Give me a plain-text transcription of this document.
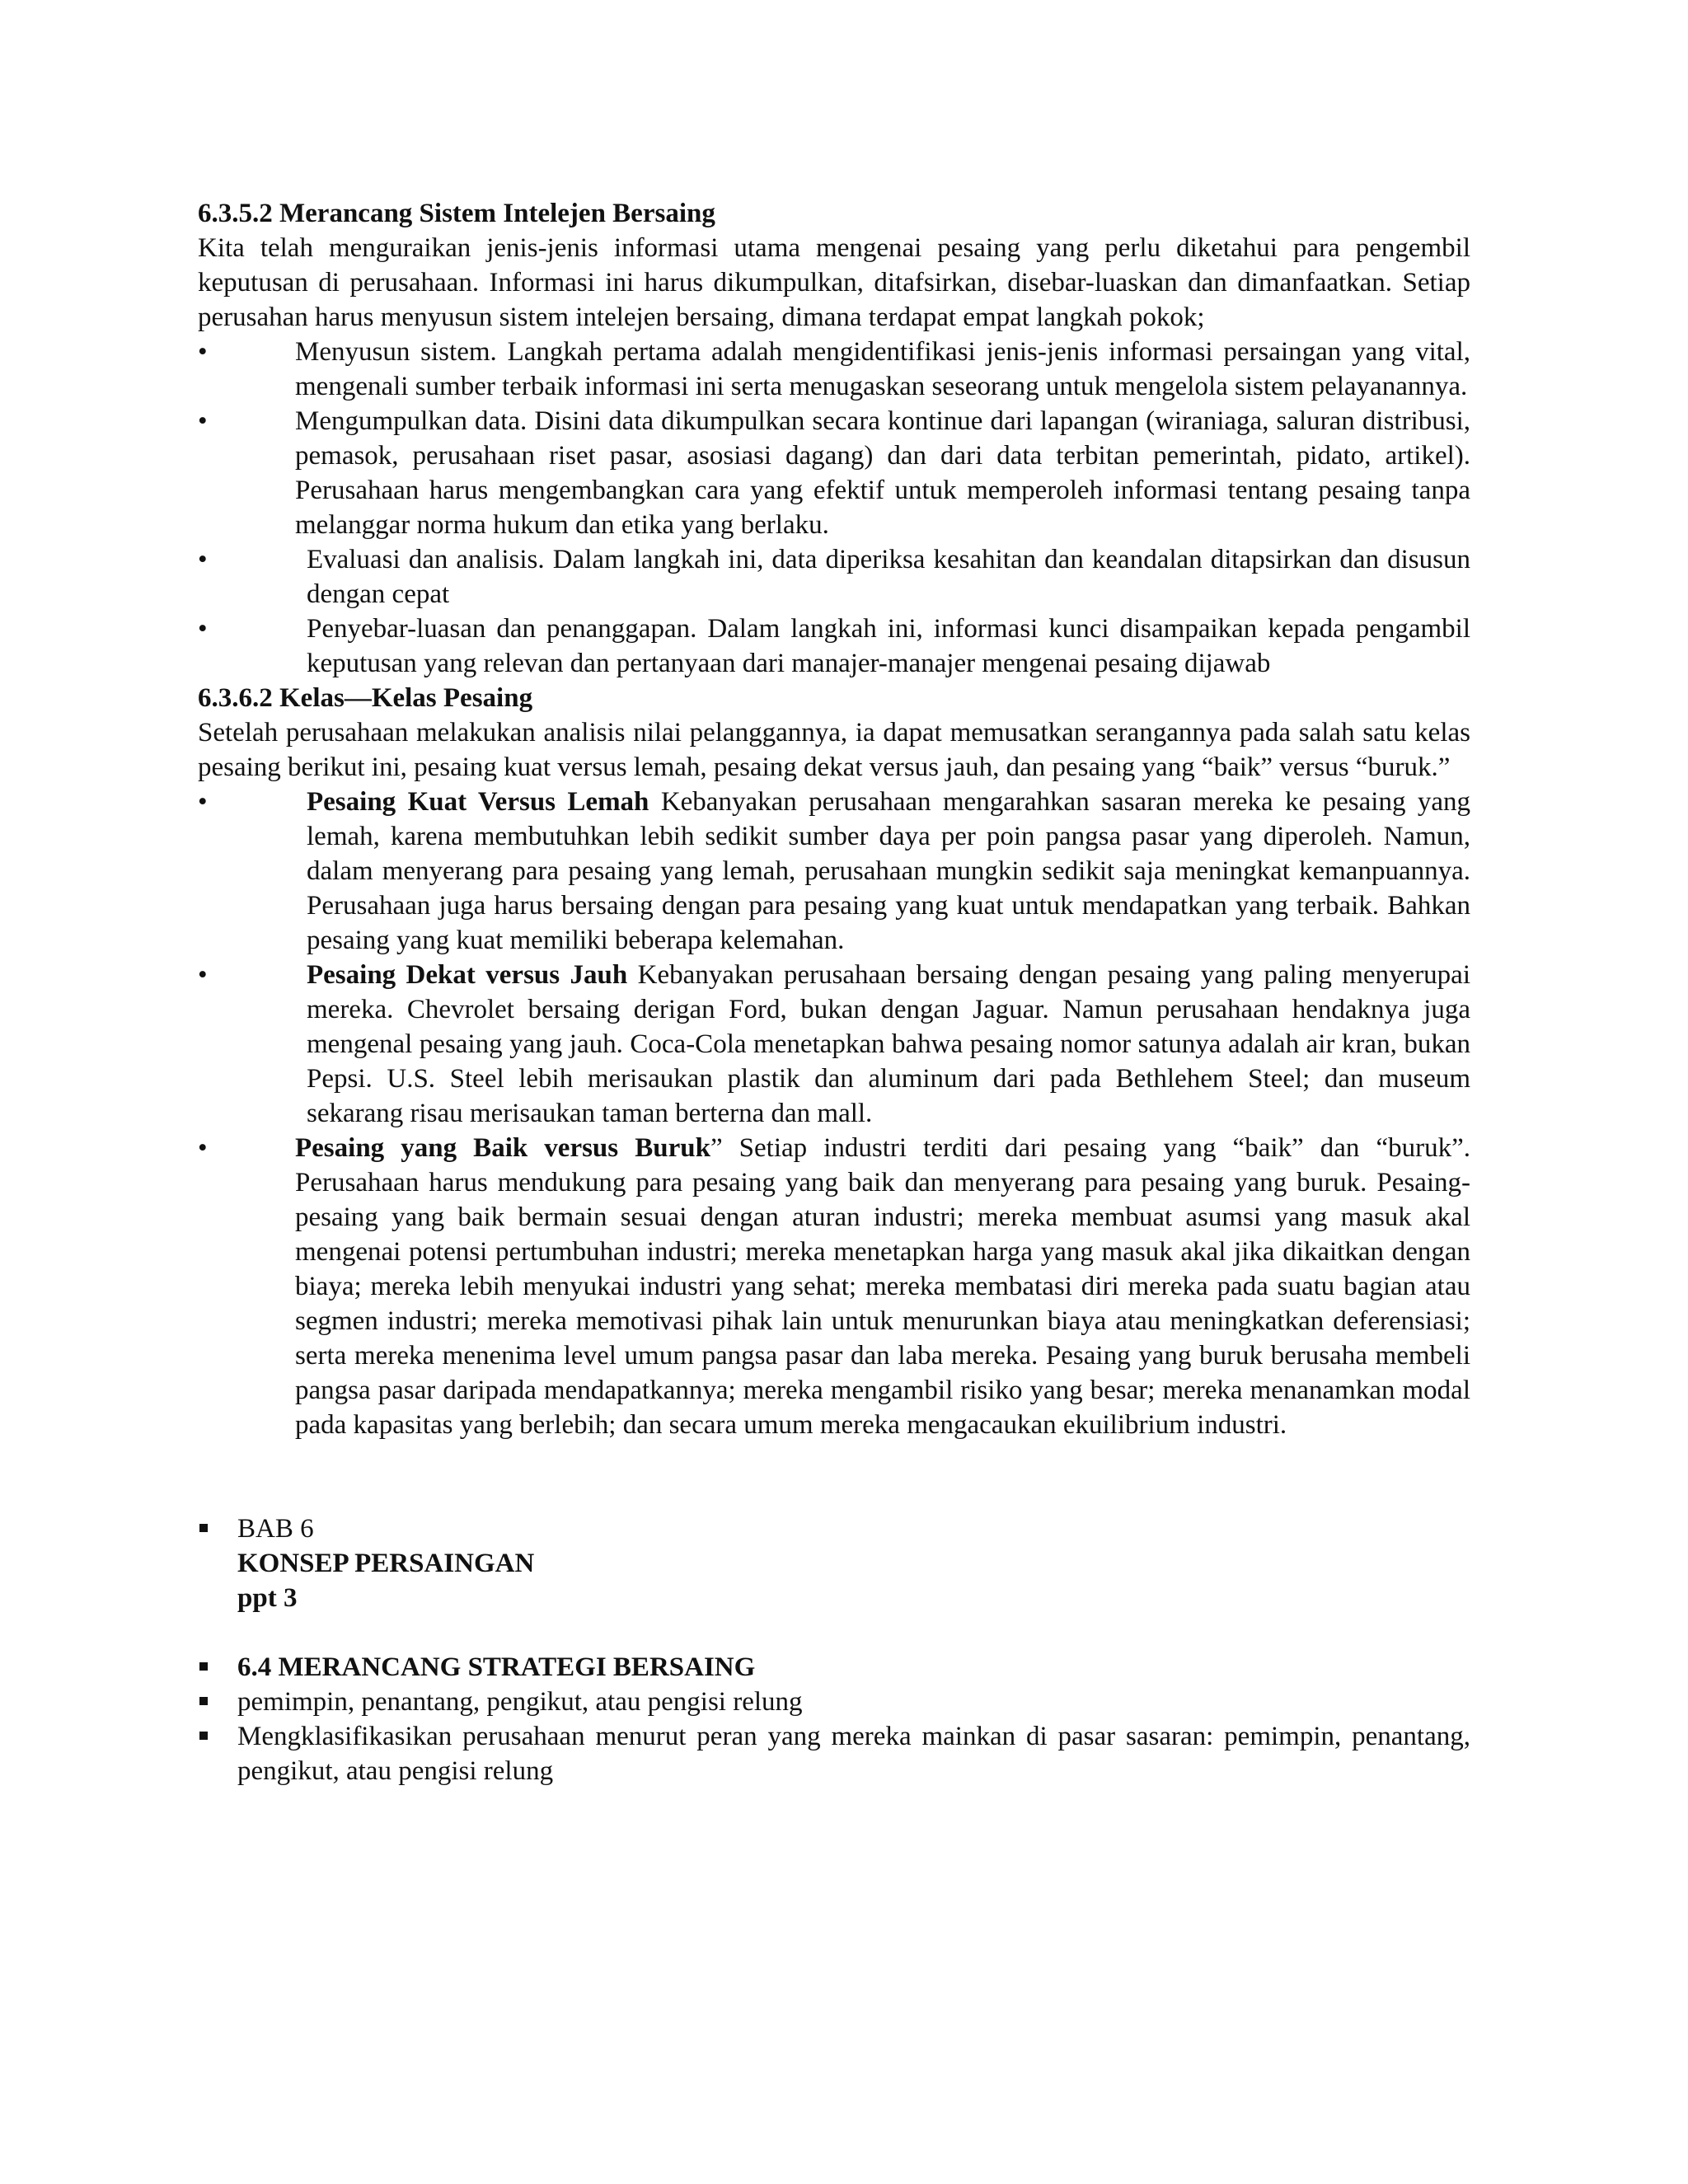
6.3.5.2 Merancang Sistem Intelejen Bersaing

Kita telah menguraikan jenis-jenis informasi utama mengenai pesaing yang perlu diketahui para pengembil keputusan di perusahaan. Informasi ini harus dikumpulkan, ditafsirkan, disebar-luaskan dan dimanfaatkan. Setiap perusahan harus menyusun sistem intelejen bersaing, dimana terdapat empat langkah pokok;

•	Menyusun sistem. Langkah pertama adalah mengidentifikasi jenis-jenis informasi persaingan yang vital, mengenali sumber terbaik informasi ini serta menugaskan seseorang untuk mengelola sistem pelayanannya.
•	Mengumpulkan data. Disini data dikumpulkan secara kontinue dari lapangan (wiraniaga, saluran distribusi, pemasok, perusahaan riset pasar, asosiasi dagang) dan dari data terbitan pemerintah, pidato, artikel). Perusahaan harus mengembangkan cara yang efektif untuk memperoleh informasi tentang pesaing tanpa melanggar norma hukum dan etika yang berlaku.
•	Evaluasi dan analisis. Dalam langkah ini, data diperiksa kesahitan dan keandalan ditapsirkan dan disusun dengan cepat
•	Penyebar-luasan dan penanggapan. Dalam langkah ini, informasi kunci disampaikan kepada pengambil keputusan yang relevan dan pertanyaan dari manajer-manajer mengenai pesaing dijawab

6.3.6.2 Kelas—Kelas Pesaing

Setelah perusahaan melakukan analisis nilai pelanggannya, ia dapat memusatkan serangannya pada salah satu kelas pesaing berikut ini, pesaing kuat versus lemah, pesaing dekat versus jauh, dan pesaing yang “baik” versus “buruk.”

•	Pesaing Kuat Versus Lemah Kebanyakan perusahaan mengarahkan sasaran mereka ke pesaing yang lemah, karena membutuhkan lebih sedikit sumber daya per poin pangsa pasar yang diperoleh. Namun, dalam menyerang para pesaing yang lemah, perusahaan mungkin sedikit saja meningkat kemanpuannya. Perusahaan juga harus bersaing dengan para pesaing yang kuat untuk mendapatkan yang terbaik. Bahkan pesaing yang kuat memiliki beberapa kelemahan.
•	Pesaing Dekat versus Jauh Kebanyakan perusahaan bersaing dengan pesaing yang paling menyerupai mereka. Chevrolet bersaing derigan Ford, bukan dengan Jaguar. Namun perusahaan hendaknya juga mengenal pesaing yang jauh. Coca-Cola menetapkan bahwa pesaing nomor satunya adalah air kran, bukan Pepsi. U.S. Steel lebih merisaukan plastik dan aluminum dari pada Bethlehem Steel; dan museum sekarang risau merisaukan taman berterna dan mall.
•	Pesaing yang Baik versus Buruk” Setiap industri terditi dari pesaing yang “baik” dan “buruk”. Perusahaan harus mendukung para pesaing yang baik dan menyerang para pesaing yang buruk. Pesaing-pesaing yang baik bermain sesuai dengan aturan industri; mereka membuat asumsi yang masuk akal mengenai potensi pertumbuhan industri; mereka menetapkan harga yang masuk akal jika dikaitkan dengan biaya; mereka lebih menyukai industri yang sehat; mereka membatasi diri mereka pada suatu bagian atau segmen industri; mereka memotivasi pihak lain untuk menurunkan biaya atau meningkatkan deferensiasi; serta mereka menenima level umum pangsa pasar dan laba mereka. Pesaing yang buruk berusaha membeli pangsa pasar daripada mendapatkannya; mereka mengambil risiko yang besar; mereka menanamkan modal pada kapasitas yang berlebih; dan secara umum mereka mengacaukan ekuilibrium industri.
BAB 6
KONSEP PERSAINGAN
ppt 3
6.4 MERANCANG STRATEGI BERSAING
pemimpin, penantang, pengikut, atau pengisi relung
Mengklasifikasikan perusahaan menurut peran yang mereka mainkan di pasar sasaran: pemimpin, penantang, pengikut, atau pengisi relung
